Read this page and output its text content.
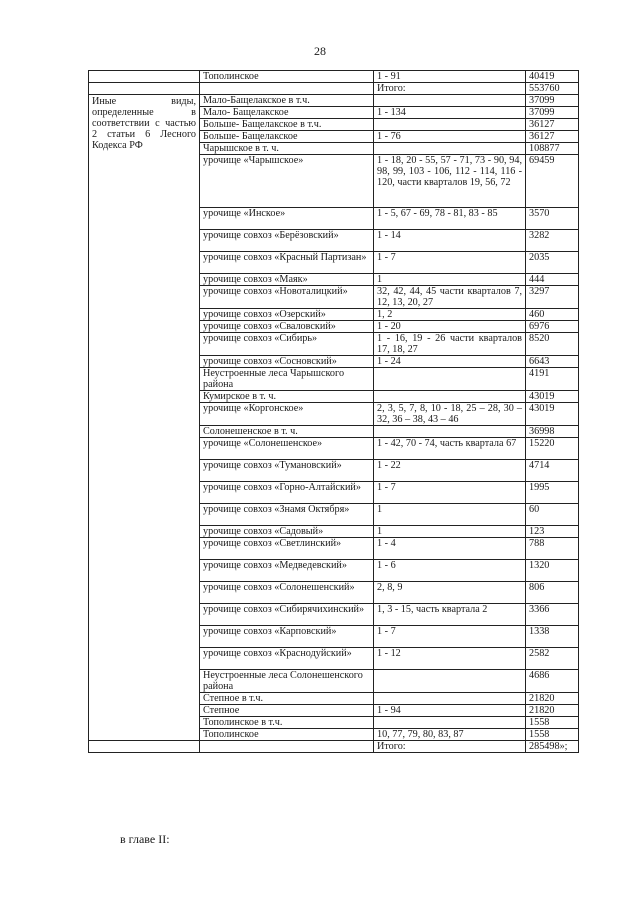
28
	Тополинское	1 - 91	40419
		Итого:	553760
Иные виды, определенные в соответствии с частью 2 статьи 6 Лесного Кодекса РФ	Мало-Бащелакское в т.ч.		37099
	Мало- Бащелакское	1 - 134	37099
	Больше- Бащелакское в т.ч.		36127
	Больше- Бащелакское	1 - 76	36127
	Чарышское в т. ч.		108877
	урочище «Чарышское»	1 - 18, 20 - 55, 57 - 71, 73 - 90, 94, 98, 99, 103 - 106, 112 - 114, 116 - 120, части кварталов 19, 56, 72	69459
	урочище «Инское»	1 - 5, 67 - 69, 78 - 81, 83 - 85	3570
	урочище совхоз «Берёзовский»	1 - 14	3282
	урочище совхоз «Красный Партизан»	1 - 7	2035
	урочище совхоз «Маяк»	1	444
	урочище совхоз «Новоталицкий»	32, 42, 44, 45 части кварталов 7, 12, 13, 20, 27	3297
	урочище совхоз «Озерский»	1, 2	460
	урочище совхоз «Сваловский»	1 - 20	6976
	урочище совхоз «Сибирь»	1 - 16, 19 - 26 части кварталов 17, 18, 27	8520
	урочище совхоз «Сосновский»	1 - 24	6643
	Неустроенные леса Чарышского района		4191
	Кумирское в т. ч.		43019
	урочище «Коргонское»	2, 3, 5, 7, 8, 10 - 18, 25 – 28, 30 – 32, 36 – 38, 43 – 46	43019
	Солонешенское в т. ч.		36998
	урочище «Солонешенское»	1 - 42, 70 - 74, часть квартала 67	15220
	урочище совхоз «Тумановский»	1 - 22	4714
	урочище совхоз «Горно-Алтайский»	1 - 7	1995
	урочище совхоз «Знамя Октября»	1	60
	урочище совхоз «Садовый»	1	123
	урочище совхоз «Светлинский»	1 - 4	788
	урочище совхоз «Медведевский»	1 - 6	1320
	урочище совхоз «Солонешенский»	2, 8, 9	806
	урочище совхоз «Сибирячихинский»	1, 3 - 15, часть квартала 2	3366
	урочище совхоз «Карповский»	1 - 7	1338
	урочище совхоз «Краснодуйский»	1 - 12	2582
	Неустроенные леса Солонешенского района		4686
	Степное в т.ч.		21820
	Степное	1 - 94	21820
	Тополинское в т.ч.		1558
	Тополинское	10, 77, 79, 80, 83, 87	1558
		Итого:	285498»;
в главе II:
